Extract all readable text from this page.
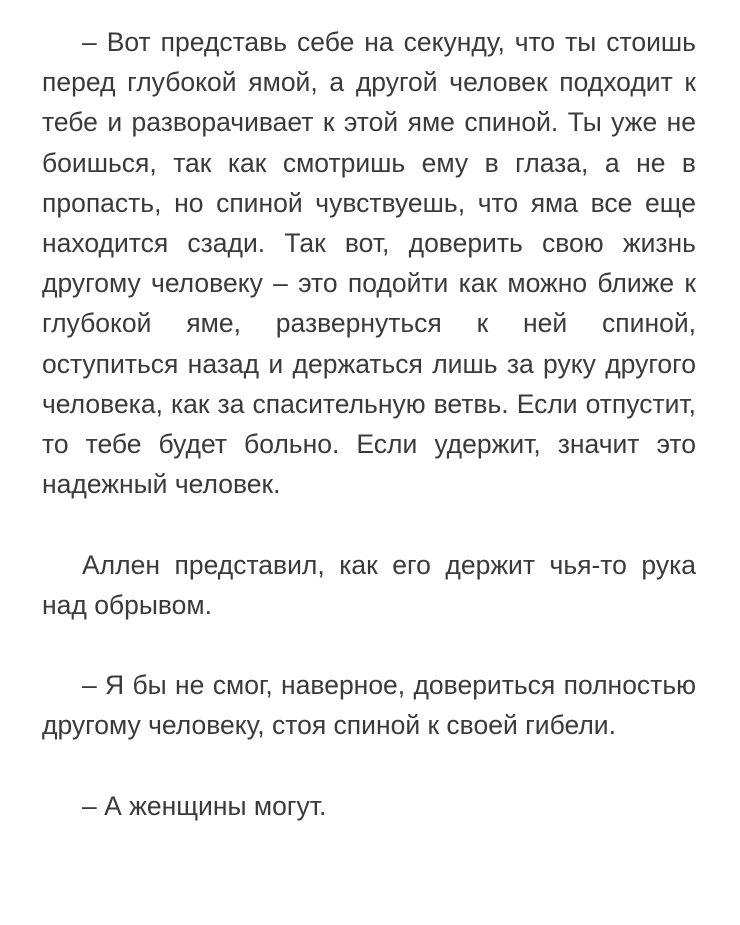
– Вот представь себе на секунду, что ты стоишь перед глубокой ямой, а другой человек подходит к тебе и разворачивает к этой яме спиной. Ты уже не боишься, так как смотришь ему в глаза, а не в пропасть, но спиной чувствуешь, что яма все еще находится сзади. Так вот, доверить свою жизнь другому человеку – это подойти как можно ближе к глубокой яме, развернуться к ней спиной, оступиться назад и держаться лишь за руку другого человека, как за спасительную ветвь. Если отпустит, то тебе будет больно. Если удержит, значит это надежный человек.

Аллен представил, как его держит чья-то рука над обрывом.

– Я бы не смог, наверное, довериться полностью другому человеку, стоя спиной к своей гибели.

– А женщины могут.
